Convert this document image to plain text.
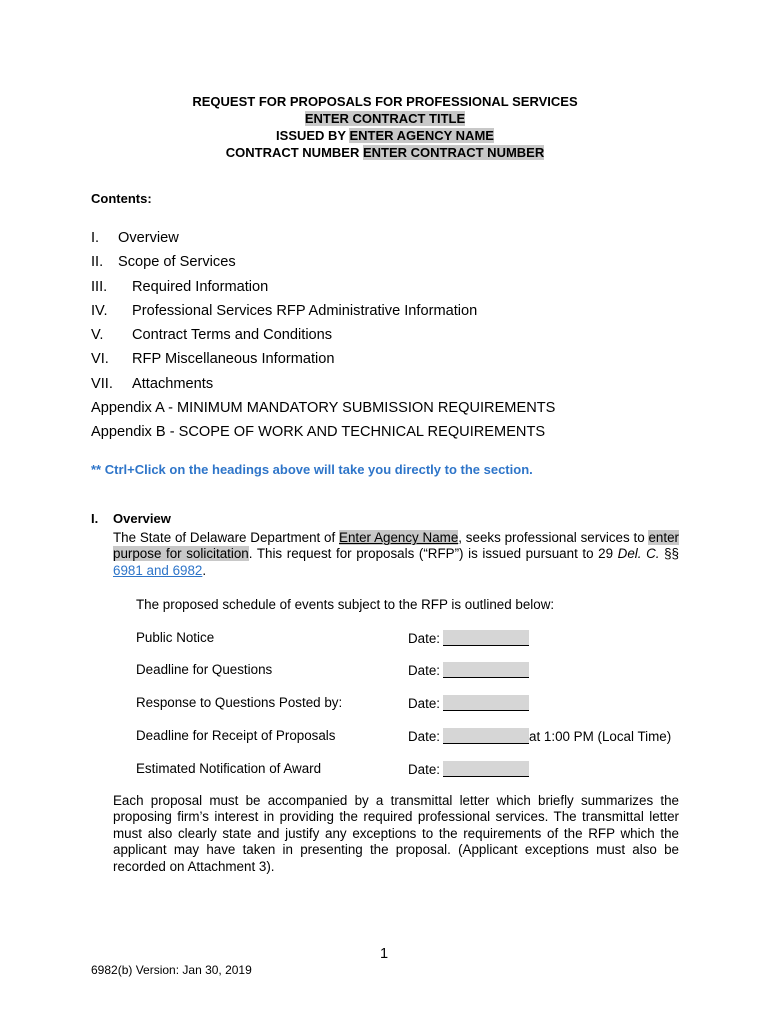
REQUEST FOR PROPOSALS FOR PROFESSIONAL SERVICES
ENTER CONTRACT TITLE
ISSUED BY ENTER AGENCY NAME
CONTRACT NUMBER ENTER CONTRACT NUMBER
Contents:
I. Overview
II. Scope of Services
III. Required Information
IV. Professional Services RFP Administrative Information
V. Contract Terms and Conditions
VI. RFP Miscellaneous Information
VII. Attachments
Appendix A - MINIMUM MANDATORY SUBMISSION REQUIREMENTS
Appendix B - SCOPE OF WORK AND TECHNICAL REQUIREMENTS
** Ctrl+Click on the headings above will take you directly to the section.
I. Overview
The State of Delaware Department of Enter Agency Name, seeks professional services to enter purpose for solicitation. This request for proposals (“RFP”) is issued pursuant to 29 Del. C. §§ 6981 and 6982.
The proposed schedule of events subject to the RFP is outlined below:
Public Notice	Date:
Deadline for Questions	Date:
Response to Questions Posted by:	Date:
Deadline for Receipt of Proposals	Date:	at 1:00 PM (Local Time)
Estimated Notification of Award	Date:
Each proposal must be accompanied by a transmittal letter which briefly summarizes the proposing firm’s interest in providing the required professional services. The transmittal letter must also clearly state and justify any exceptions to the requirements of the RFP which the applicant may have taken in presenting the proposal. (Applicant exceptions must also be recorded on Attachment 3).
1
6982(b) Version: Jan 30, 2019
